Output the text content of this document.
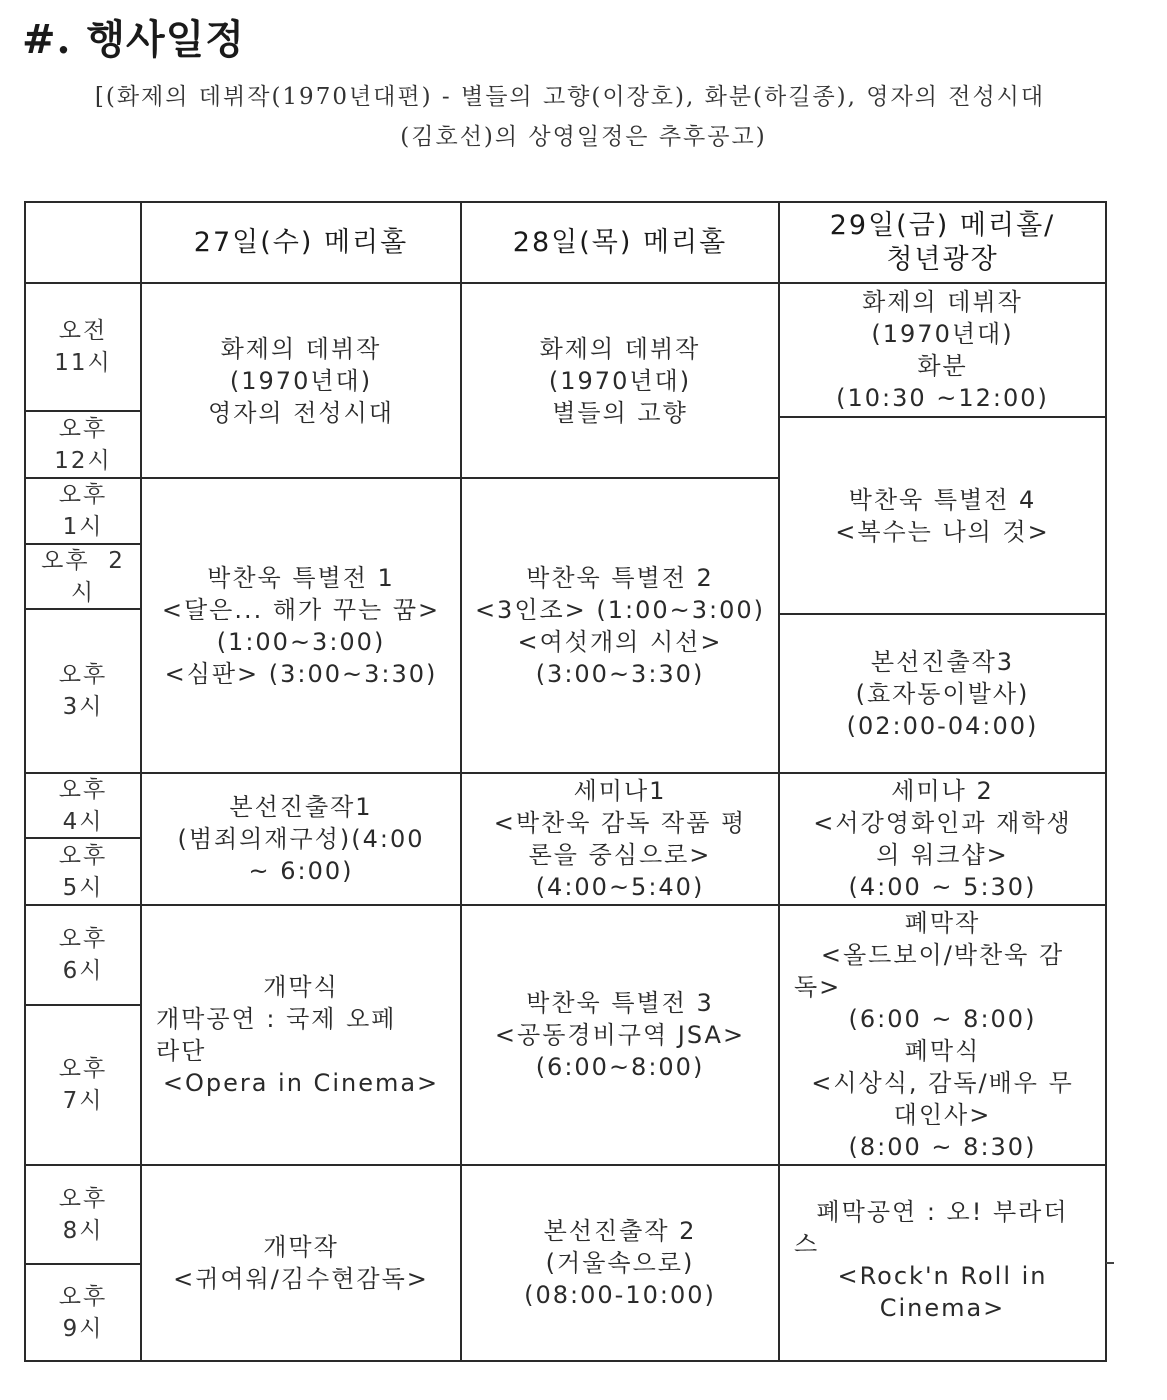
#. 행사일정

[(화제의 데뷔작(1970년대편) - 별들의 고향(이장호), 화분(하길종), 영자의 전성시대

(김호선)의 상영일정은 추후공고)

27일(수) 메리홀	28일(목) 메리홀
29일(금) 메리홀/
청년광장
오전
11시
오후
12시
오후
1시
오후  2
시
오후
3시
오후
4시
오후
5시
오후
6시
오후
7시
오후
8시
오후
9시
화제의 데뷔작
(1970년대)
영자의 전성시대
박찬욱 특별전 1
<달은... 해가 꾸는 꿈>
(1:00~3:00)
<심판> (3:00~3:30)
본선진출작1
(범죄의재구성)(4:00
~ 6:00)
개막식
개막공연 : 국제 오페
라단
<Opera in Cinema>
개막작
<귀여워/김수현감독>
화제의 데뷔작
(1970년대)
별들의 고향
박찬욱 특별전 2
<3인조> (1:00~3:00)
<여섯개의 시선>
(3:00~3:30)
세미나1
<박찬욱 감독 작품 평
론을 중심으로>
(4:00~5:40)
박찬욱 특별전 3
<공동경비구역 JSA>
(6:00~8:00)
본선진출작 2
(거울속으로)
(08:00-10:00)
화제의 데뷔작
(1970년대)
화분
(10:30 ~12:00)
박찬욱 특별전 4
<복수는 나의 것>
본선진출작3
(효자동이발사)
(02:00-04:00)
세미나 2
<서강영화인과 재학생
의 워크샵>
(4:00 ~ 5:30)
폐막작
<올드보이/박찬욱 감
독>
(6:00 ~ 8:00)
폐막식
<시상식, 감독/배우 무
대인사>
(8:00 ~ 8:30)
폐막공연 : 오! 부라더
스
<Rock'n Roll in
Cinema>
